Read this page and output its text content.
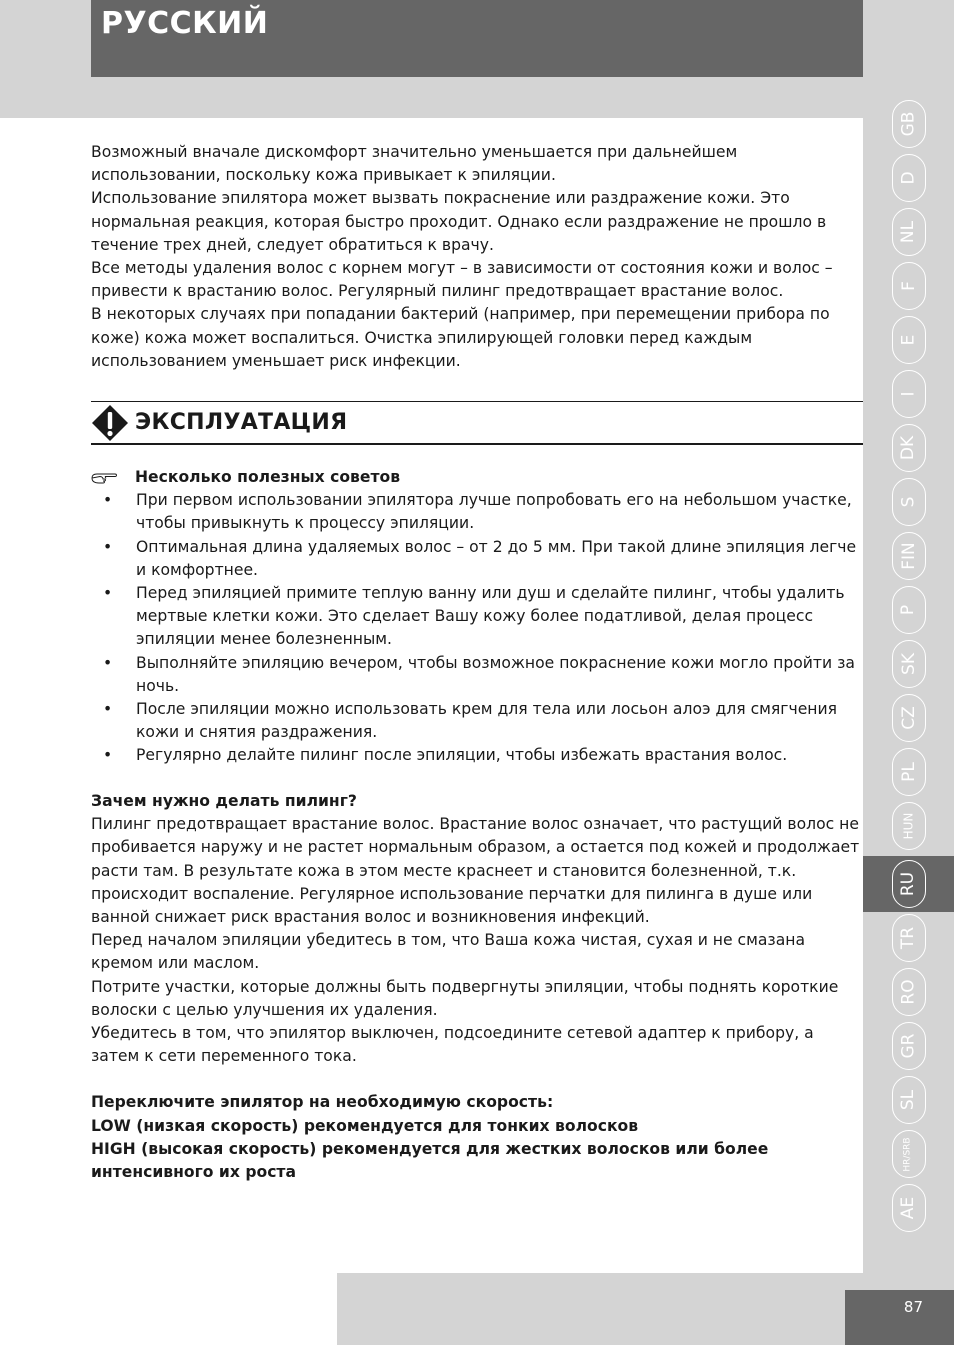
РУССКИЙ

Возможный вначале дискомфорт значительно уменьшается при дальнейшем использовании, поскольку кожа привыкает к эпиляции.

Использование эпилятора может вызвать покраснение или раздражение кожи. Это нормальная реакция, которая быстро проходит. Однако если раздражение не прошло в течение трех дней, следует обратиться к врачу.

Все методы удаления волос с корнем могут – в зависимости от состояния кожи и волос – привести к врастанию волос. Регулярный пилинг предотвращает врастание волос.

В некоторых случаях при попадании бактерий (например, при перемещении прибора по коже) кожа может воспалиться. Очистка эпилирующей головки перед каждым использованием уменьшает риск инфекции.

ЭКСПЛУАТАЦИЯ
Несколько полезных советов
• При первом использовании эпилятора лучше попробовать его на небольшом участке, чтобы привыкнуть к процессу эпиляции.
• Оптимальная длина удаляемых волос – от 2 до 5 мм. При такой длине эпиляция легче и комфортнее.
• Перед эпиляцией примите теплую ванну или душ и сделайте пилинг, чтобы удалить мертвые клетки кожи. Это сделает Вашу кожу более податливой, делая процесс эпиляции менее болезненным.
• Выполняйте эпиляцию вечером, чтобы возможное покраснение кожи могло пройти за ночь.
• После эпиляции можно использовать крем для тела или лосьон алоэ для смягчения кожи и снятия раздражения.
• Регулярно делайте пилинг после эпиляции, чтобы избежать врастания волос.

Зачем нужно делать пилинг?

Пилинг предотвращает врастание волос. Врастание волос означает, что растущий волос не пробивается наружу и не растет нормальным образом, а остается под кожей и продолжает расти там. В результате кожа в этом месте краснеет и становится болезненной, т.к. происходит воспаление. Регулярное использование перчатки для пилинга в душе или ванной снижает риск врастания волос и возникновения инфекций.

Перед началом эпиляции убедитесь в том, что Ваша кожа чистая, сухая и не смазана кремом или маслом.

Потрите участки, которые должны быть подвергнуты эпиляции, чтобы поднять короткие волоски с целью улучшения их удаления.

Убедитесь в том, что эпилятор выключен, подсоедините сетевой адаптер к прибору, а затем к сети переменного тока.

Переключите эпилятор на необходимую скорость:

LOW (низкая скорость) рекомендуется для тонких волосков

HIGH (высокая скорость) рекомендуется для жестких волосков или более интенсивного их роста

GB
D
NL
F
E
I
DK
S
FIN
P
SK
CZ
PL
HUN
RU
TR
RO
GR
SL
HR/SRB
AE
87
